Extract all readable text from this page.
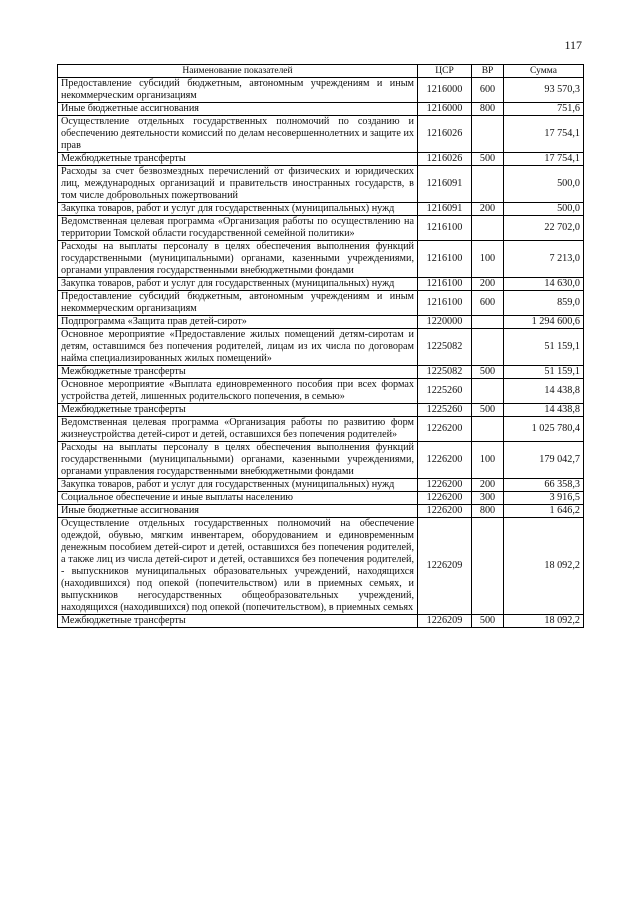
117
Наименование показателей	ЦСР	ВР	Сумма
Предоставление субсидий бюджетным, автономным учреждениям и иным некоммерческим организациям	1216000	600	93 570,3
Иные бюджетные ассигнования	1216000	800	751,6
Осуществление отдельных государственных полномочий по созданию и обеспечению деятельности комиссий по делам несовершеннолетних и защите их прав	1216026		17 754,1
Межбюджетные трансферты	1216026	500	17 754,1
Расходы за счет безвозмездных перечислений от физических и юридических лиц, международных организаций и правительств иностранных государств, в том числе добровольных пожертвований	1216091		500,0
Закупка товаров, работ и услуг для государственных (муниципальных) нужд	1216091	200	500,0
Ведомственная целевая программа «Организация работы по осуществлению на территории Томской области государственной семейной политики»	1216100		22 702,0
Расходы на выплаты персоналу в целях обеспечения выполнения функций государственными (муниципальными) органами, казенными учреждениями, органами управления государственными внебюджетными фондами	1216100	100	7 213,0
Закупка товаров, работ и услуг для государственных (муниципальных) нужд	1216100	200	14 630,0
Предоставление субсидий бюджетным, автономным учреждениям и иным некоммерческим организациям	1216100	600	859,0
Подпрограмма «Защита прав детей-сирот»	1220000		1 294 600,6
Основное мероприятие «Предоставление жилых помещений детям-сиротам и детям, оставшимся без попечения родителей, лицам из их числа по договорам найма специализированных жилых помещений»	1225082		51 159,1
Межбюджетные трансферты	1225082	500	51 159,1
Основное мероприятие «Выплата единовременного пособия при всех формах устройства детей, лишенных родительского попечения, в семью»	1225260		14 438,8
Межбюджетные трансферты	1225260	500	14 438,8
Ведомственная целевая программа «Организация работы по развитию форм жизнеустройства детей-сирот и детей, оставшихся без попечения родителей»	1226200		1 025 780,4
Расходы на выплаты персоналу в целях обеспечения выполнения функций государственными (муниципальными) органами, казенными учреждениями, органами управления государственными внебюджетными фондами	1226200	100	179 042,7
Закупка товаров, работ и услуг для государственных (муниципальных) нужд	1226200	200	66 358,3
Социальное обеспечение и иные выплаты населению	1226200	300	3 916,5
Иные бюджетные ассигнования	1226200	800	1 646,2
Осуществление отдельных государственных полномочий на обеспечение одеждой, обувью, мягким инвентарем, оборудованием и единовременным денежным пособием детей-сирот и детей, оставшихся без попечения родителей, а также лиц из числа детей-сирот и детей, оставшихся без попечения родителей, - выпускников муниципальных образовательных учреждений, находящихся (находившихся) под опекой (попечительством) или в приемных семьях, и выпускников негосударственных общеобразовательных учреждений, находящихся (находившихся) под опекой (попечительством), в приемных семьях	1226209		18 092,2
Межбюджетные трансферты	1226209	500	18 092,2
